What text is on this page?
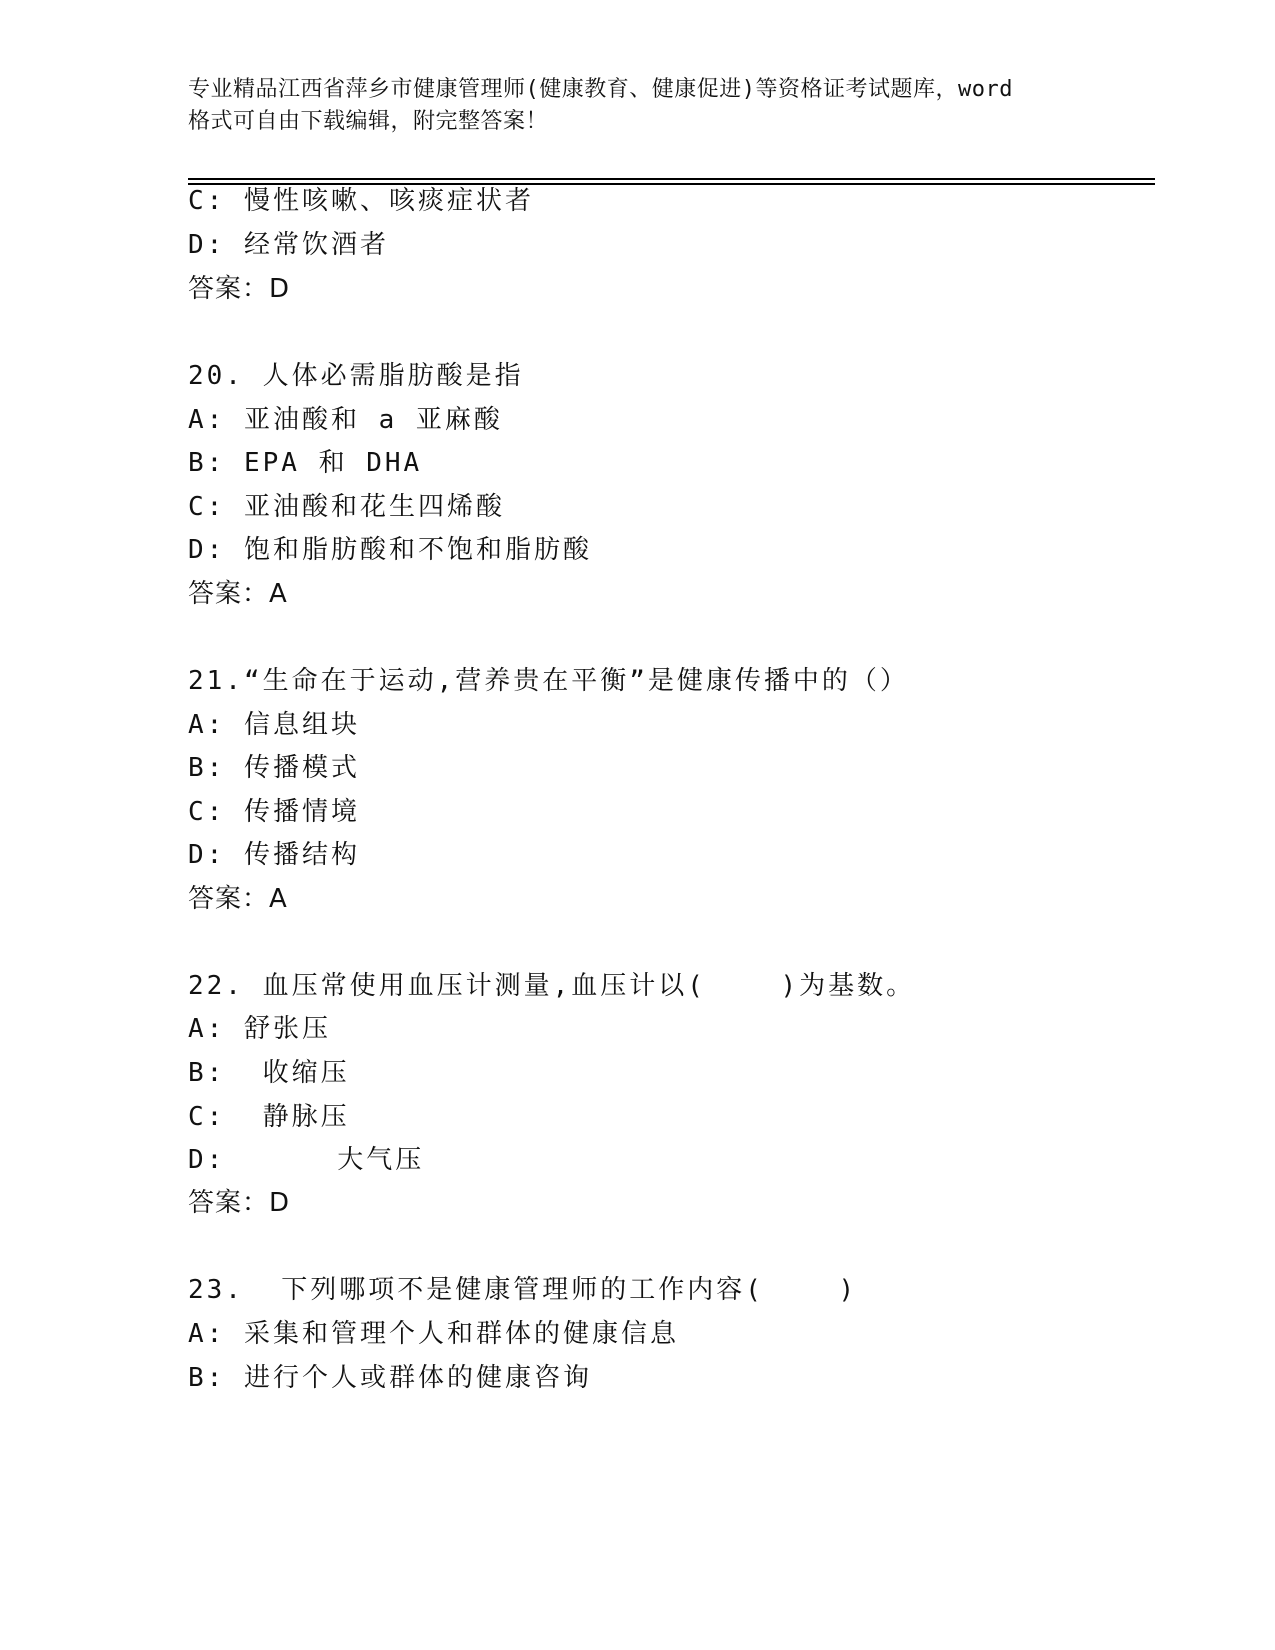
专业精品江西省萍乡市健康管理师(健康教育、健康促进)等资格证考试题库，word
格式可自由下载编辑，附完整答案！
C: 慢性咳嗽、咳痰症状者
D: 经常饮酒者
答案：D
20. 人体必需脂肪酸是指
A: 亚油酸和 a 亚麻酸
B: EPA 和 DHA
C: 亚油酸和花生四烯酸
D: 饱和脂肪酸和不饱和脂肪酸
答案：A
21.“生命在于运动,营养贵在平衡”是健康传播中的（）
A: 信息组块
B: 传播模式
C: 传播情境
D: 传播结构
答案：A
22. 血压常使用血压计测量,血压计以(    )为基数。
A: 舒张压
B:  收缩压
C:  静脉压
D:      大气压
答案：D
23.  下列哪项不是健康管理师的工作内容(    )
A: 采集和管理个人和群体的健康信息
B: 进行个人或群体的健康咨询
